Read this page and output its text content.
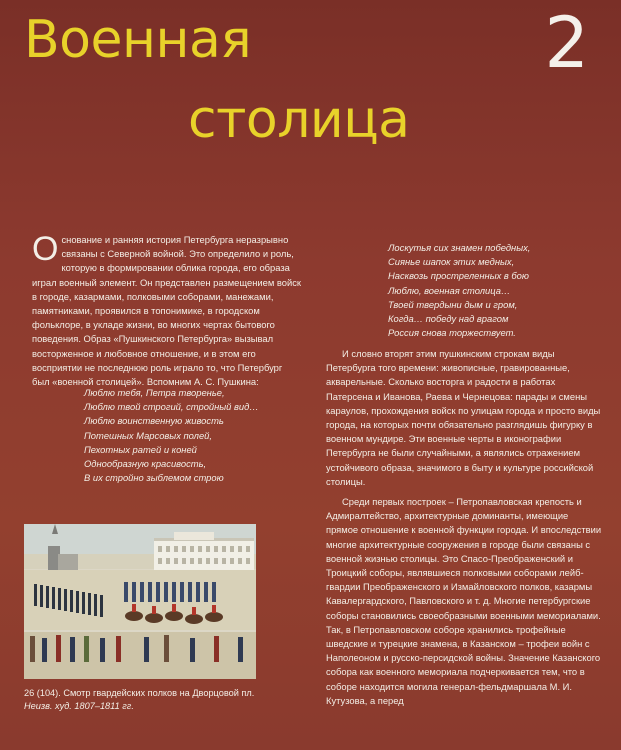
Военная
столица
2

Основание и ранняя история Петербурга неразрывно связаны с Северной войной. Это определило и роль, которую в формировании облика города, его образа играл военный элемент. Он представлен размещением войск в городе, казармами, полковыми соборами, манежами, памятниками, проявился в топонимике, в городском фольклоре, в укладе жизни, во многих чертах бытового поведения. Образ «Пушкинского Петербурга» вызывал восторженное и любовное отношение, и в этом его восприятии не последнюю роль играло то, что Петербург был «военной столицей». Вспомним А. С. Пушкина:

Люблю тебя, Петра творенье,
Люблю твой строгий, стройный вид…
Люблю воинственную живость
Потешных Марсовых полей,
Пехотных ратей и коней
Однообразную красивость,
В их стройно зыблемом строю
Лоскутья сих знамен победных,
Сиянье шапок этих медных,
Насквозь простреленных в бою
Люблю, военная столица…
Твоей твердыни дым и гром,
Когда… победу над врагом
Россия снова торжествует.

И словно вторят этим пушкинским строкам виды Петербурга того времени: живописные, гравированные, акварельные. Сколько восторга и радости в работах Патерсена и Иванова, Раева и Чернецова: парады и смены караулов, прохождения войск по улицам города и просто виды города, на которых почти обязательно разглядишь фигурку в военном мундире. Эти военные черты в иконографии Петербурга не были случайными, а являлись отражением устойчивого образа, значимого в быту и культуре российской столицы.

Среди первых построек – Петропавловская крепость и Адмиралтейство, архитектурные доминанты, имеющие прямое отношение к военной функции города. И впоследствии многие архитектурные сооружения в городе были связаны с военной жизнью столицы. Это Спасо-Преображенский и Троицкий соборы, являвшиеся полковыми соборами лейб-гвардии Преображенского и Измайловского полков, казармы Кавалергардского, Павловского и т. д. Многие петербургские соборы становились своеобразными военными мемориалами. Так, в Петропавловском соборе хранились трофейные шведские и турецкие знамена, в Казанском – трофеи войн с Наполеоном и русско-персидской войны. Значение Казанского собора как военного мемориала подчеркивается тем, что в соборе находится могила генерал-фельдмаршала М. И. Кутузова, а перед

26 (104). Смотр гвардейских полков на Дворцовой пл.
Неизв. худ. 1807–1811 гг.
